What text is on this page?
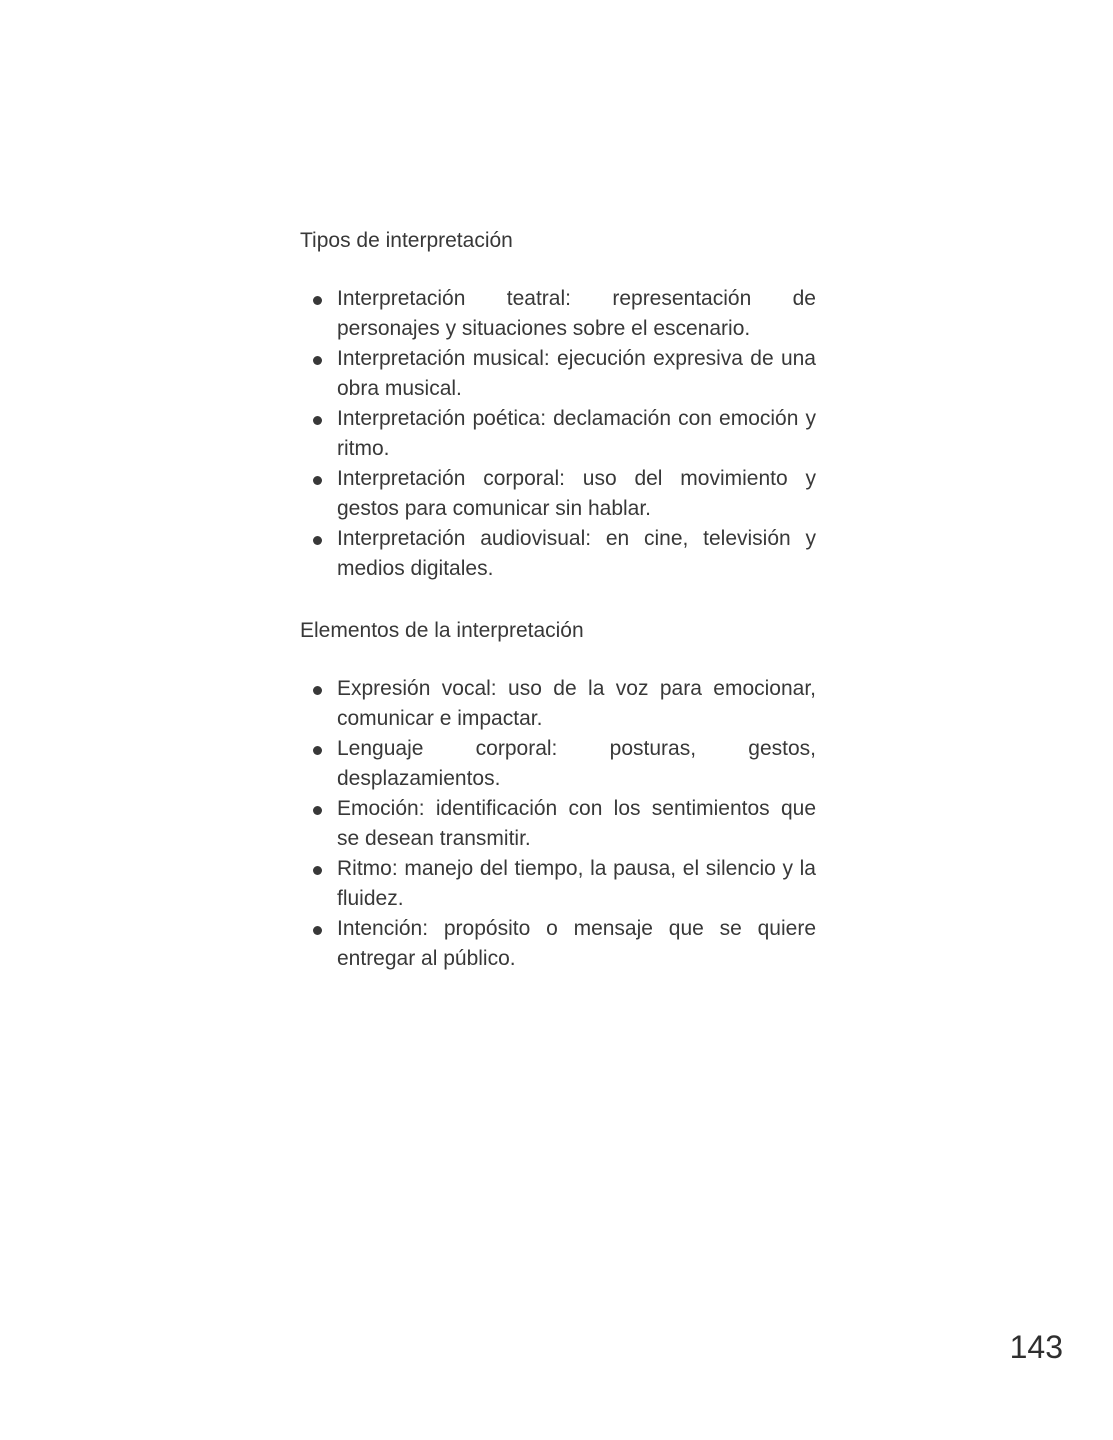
Tipos de interpretación
Interpretación teatral: representación de personajes y situaciones sobre el escenario.
Interpretación musical: ejecución expresiva de una obra musical.
Interpretación poética: declamación con emoción y ritmo.
Interpretación corporal: uso del movimiento y gestos para comunicar sin hablar.
Interpretación audiovisual: en cine, televisión y medios digitales.
Elementos de la interpretación
Expresión vocal: uso de la voz para emocionar, comunicar e impactar.
Lenguaje corporal: posturas, gestos, desplazamientos.
Emoción: identificación con los sentimientos que se desean transmitir.
Ritmo: manejo del tiempo, la pausa, el silencio y la fluidez.
Intención: propósito o mensaje que se quiere entregar al público.
143
